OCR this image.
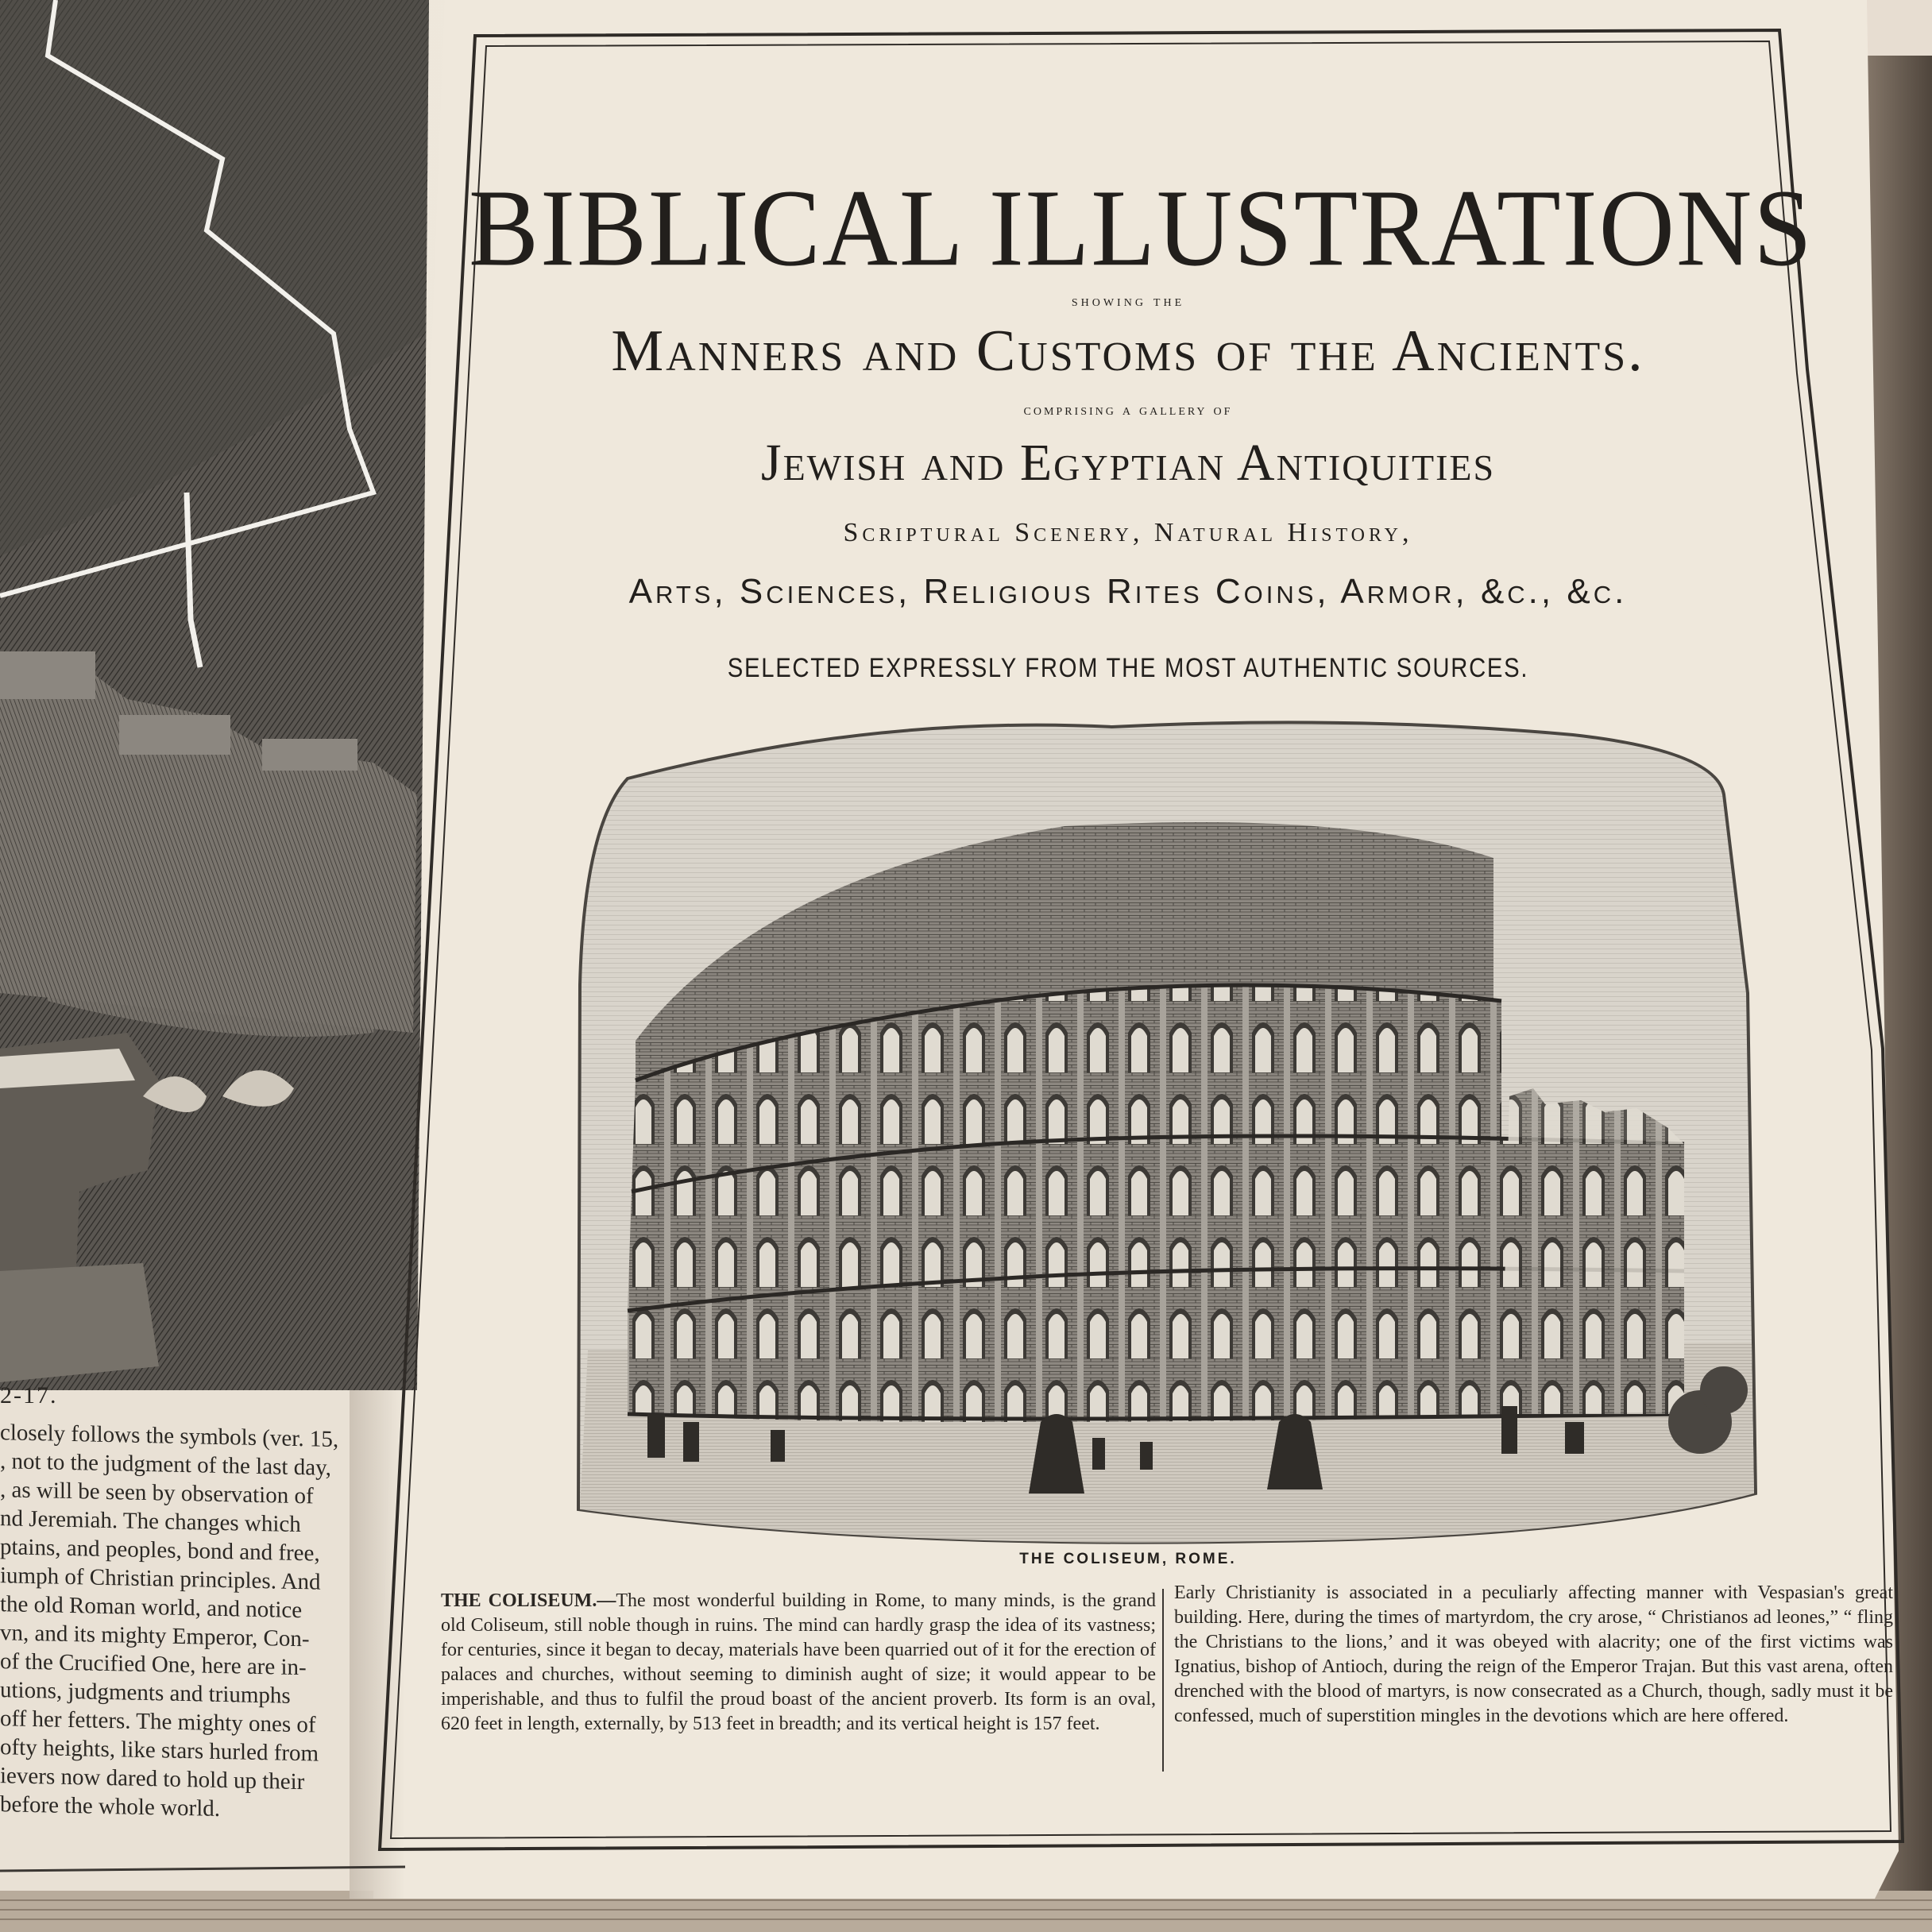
2-17.
closely follows the symbols (ver. 15,
, not to the judgment of the last day,
, as will be seen by observation of
nd Jeremiah. The changes which
ptains, and peoples, bond and free,
iumph of Christian principles. And
the old Roman world, and notice
vn, and its mighty Emperor, Con-
of the Crucified One, here are in-
utions, judgments and triumphs
off her fetters. The mighty ones of
ofty heights, like stars hurled from
ievers now dared to hold up their
before the whole world.
BIBLICAL ILLUSTRATIONS
showing the
Manners and Customs of the Ancients.
comprising a gallery of
Jewish and Egyptian Antiquities
Scriptural Scenery, Natural History,
Arts, Sciences, Religious Rites Coins, Armor, &c., &c.
SELECTED EXPRESSLY FROM THE MOST AUTHENTIC SOURCES.
THE COLISEUM, ROME.
THE COLISEUM.—The most wonderful building in Rome, to many minds, is the grand old Coliseum, still noble though in ruins. The mind can hardly grasp the idea of its vastness; for centuries, since it began to decay, materials have been quarried out of it for the erection of palaces and churches, without seeming to diminish aught of size; it would appear to be imperishable, and thus to fulfil the proud boast of the ancient proverb. Its form is an oval, 620 feet in length, externally, by 513 feet in breadth; and its vertical height is 157 feet.
Early Christianity is associated in a peculiarly affecting manner with Vespasian's great building. Here, during the times of martyrdom, the cry arose, “ Christianos ad leones,” “ fling the Christians to the lions,’ and it was obeyed with alacrity; one of the first victims was Ignatius, bishop of Antioch, during the reign of the Emperor Trajan. But this vast arena, often drenched with the blood of martyrs, is now consecrated as a Church, though, sadly must it be confessed, much of superstition mingles in the devotions which are here offered.
